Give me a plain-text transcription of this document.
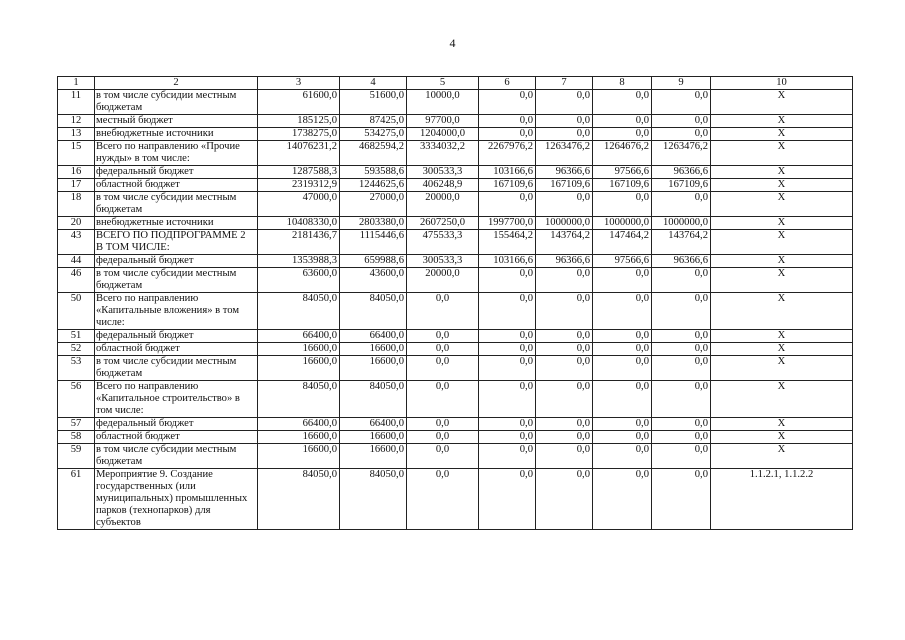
4
1	2	3	4	5	6	7	8	9	10
11	в том числе субсидии местным бюджетам	61600,0	51600,0	10000,0	0,0	0,0	0,0	0,0	X
12	местный бюджет	185125,0	87425,0	97700,0	0,0	0,0	0,0	0,0	X
13	внебюджетные источники	1738275,0	534275,0	1204000,0	0,0	0,0	0,0	0,0	X
15	Всего по направлению «Прочие нужды» в том числе:	14076231,2	4682594,2	3334032,2	2267976,2	1263476,2	1264676,2	1263476,2	X
16	федеральный бюджет	1287588,3	593588,6	300533,3	103166,6	96366,6	97566,6	96366,6	X
17	областной бюджет	2319312,9	1244625,6	406248,9	167109,6	167109,6	167109,6	167109,6	X
18	в том числе субсидии местным бюджетам	47000,0	27000,0	20000,0	0,0	0,0	0,0	0,0	X
20	внебюджетные источники	10408330,0	2803380,0	2607250,0	1997700,0	1000000,0	1000000,0	1000000,0	X
43	ВСЕГО ПО ПОДПРОГРАММЕ 2 В ТОМ ЧИСЛЕ:	2181436,7	1115446,6	475533,3	155464,2	143764,2	147464,2	143764,2	X
44	федеральный бюджет	1353988,3	659988,6	300533,3	103166,6	96366,6	97566,6	96366,6	X
46	в том числе субсидии местным бюджетам	63600,0	43600,0	20000,0	0,0	0,0	0,0	0,0	X
50	Всего по направлению «Капитальные вложения» в том числе:	84050,0	84050,0	0,0	0,0	0,0	0,0	0,0	X
51	федеральный бюджет	66400,0	66400,0	0,0	0,0	0,0	0,0	0,0	X
52	областной бюджет	16600,0	16600,0	0,0	0,0	0,0	0,0	0,0	X
53	в том числе субсидии местным бюджетам	16600,0	16600,0	0,0	0,0	0,0	0,0	0,0	X
56	Всего по направлению «Капитальное строительство» в том числе:	84050,0	84050,0	0,0	0,0	0,0	0,0	0,0	X
57	федеральный бюджет	66400,0	66400,0	0,0	0,0	0,0	0,0	0,0	X
58	областной бюджет	16600,0	16600,0	0,0	0,0	0,0	0,0	0,0	X
59	в том числе субсидии местным бюджетам	16600,0	16600,0	0,0	0,0	0,0	0,0	0,0	X
61	Мероприятие 9. Создание государственных (или муниципальных) промышленных парков (технопарков) для субъектов	84050,0	84050,0	0,0	0,0	0,0	0,0	0,0	1.1.2.1, 1.1.2.2
